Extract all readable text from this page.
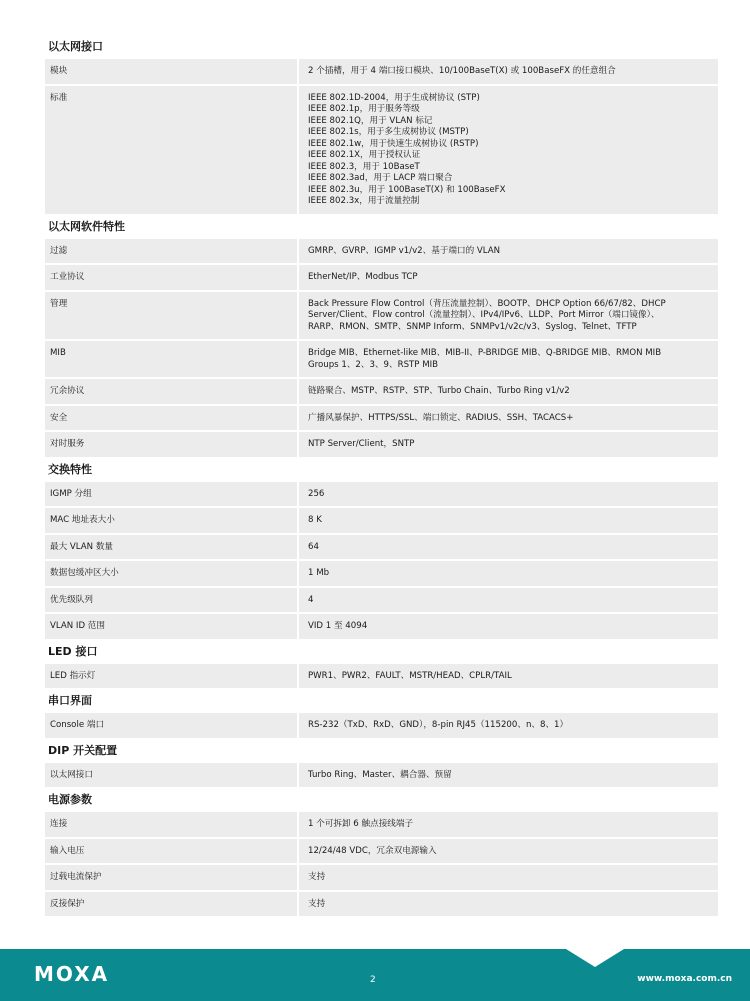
以太网接口
模块	2 个插槽，用于 4 端口接口模块、10/100BaseT(X) 或 100BaseFX 的任意组合
标准	IEEE 802.1D-2004，用于生成树协议 (STP)
IEEE 802.1p，用于服务等级
IEEE 802.1Q，用于 VLAN 标记
IEEE 802.1s，用于多生成树协议 (MSTP)
IEEE 802.1w，用于快速生成树协议 (RSTP)
IEEE 802.1X，用于授权认证
IEEE 802.3，用于 10BaseT
IEEE 802.3ad，用于 LACP 端口聚合
IEEE 802.3u，用于 100BaseT(X) 和 100BaseFX
IEEE 802.3x，用于流量控制
以太网软件特性
过滤	GMRP、GVRP、IGMP v1/v2、基于端口的 VLAN
工业协议	EtherNet/IP、Modbus TCP
管理	Back Pressure Flow Control（背压流量控制）、BOOTP、DHCP Option 66/67/82、DHCP
Server/Client、Flow control（流量控制）、IPv4/IPv6、LLDP、Port Mirror（端口镜像）、
RARP、RMON、SMTP、SNMP Inform、SNMPv1/v2c/v3、Syslog、Telnet、TFTP
MIB	Bridge MIB、Ethernet-like MIB、MIB-II、P-BRIDGE MIB、Q-BRIDGE MIB、RMON MIB
Groups 1、2、3、9、RSTP MIB
冗余协议	链路聚合、MSTP、RSTP、STP、Turbo Chain、Turbo Ring v1/v2
安全	广播风暴保护、HTTPS/SSL、端口锁定、RADIUS、SSH、TACACS+
对时服务	NTP Server/Client，SNTP
交换特性
IGMP 分组	256
MAC 地址表大小	8 K
最大 VLAN 数量	64
数据包缓冲区大小	1 Mb
优先级队列	4
VLAN ID 范围	VID 1 至 4094
LED 接口
LED 指示灯	PWR1、PWR2、FAULT、MSTR/HEAD、CPLR/TAIL
串口界面
Console 端口	RS-232（TxD、RxD、GND），8-pin RJ45（115200、n、8、1）
DIP 开关配置
以太网接口	Turbo Ring、Master、耦合器、预留
电源参数
连接	1 个可拆卸 6 触点接线端子
输入电压	12/24/48 VDC，冗余双电源输入
过载电流保护	支持
反接保护	支持
MOXA	2	www.moxa.com.cn
